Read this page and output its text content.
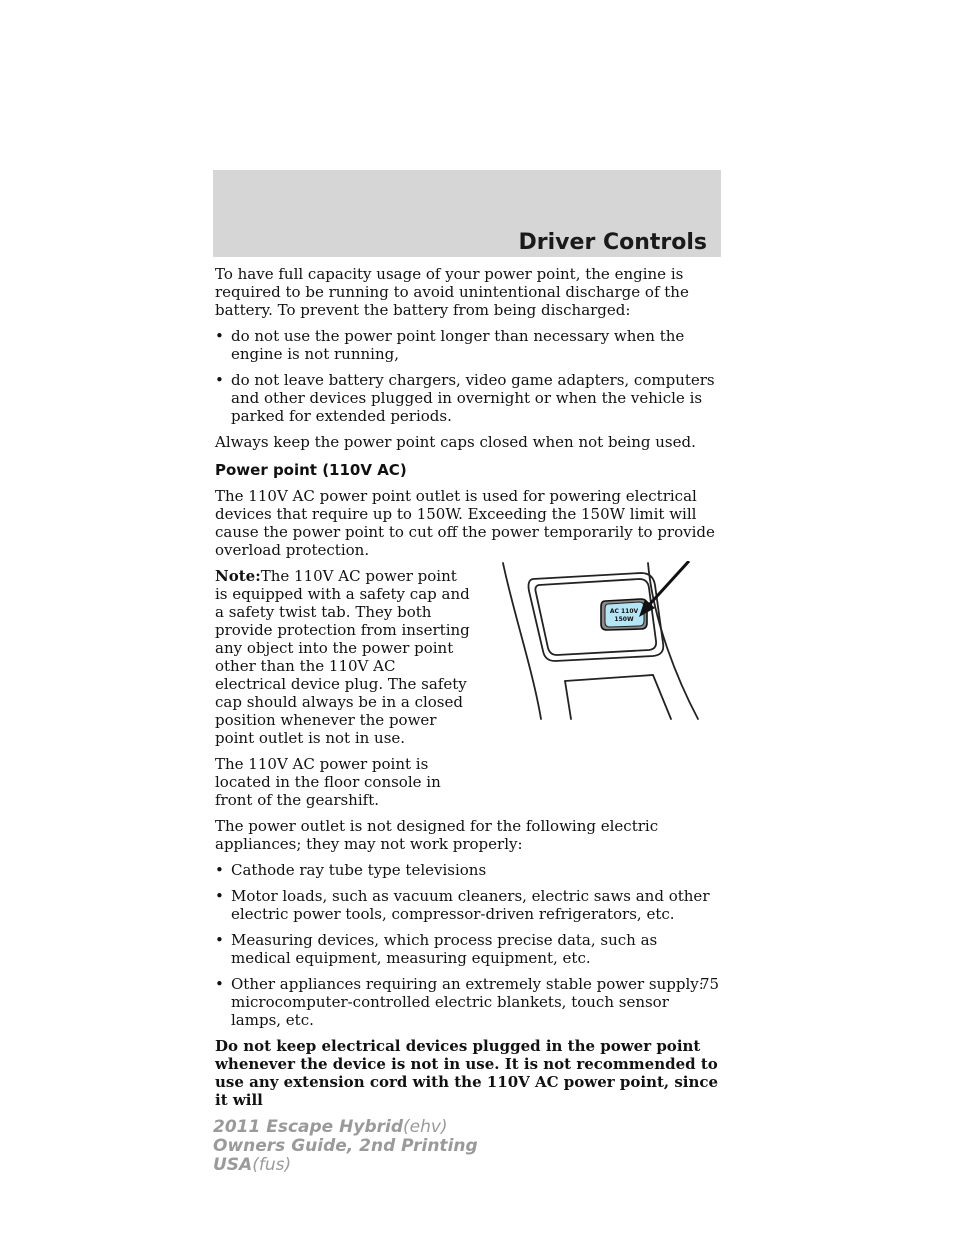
Driver Controls

To have full capacity usage of your power point, the engine is required to be running to avoid unintentional discharge of the battery. To prevent the battery from being discharged:

• do not use the power point longer than necessary when the engine is not running,
• do not leave battery chargers, video game adapters, computers and other devices plugged in overnight or when the vehicle is parked for extended periods.

Always keep the power point caps closed when not being used.

Power point (110V AC)

The 110V AC power point outlet is used for powering electrical devices that require up to 150W. Exceeding the 150W limit will cause the power point to cut off the power temporarily to provide overload protection.

Note:The 110V AC power point is equipped with a safety cap and a safety twist tab. They both provide protection from inserting any object into the power point other than the 110V AC electrical device plug. The safety cap should always be in a closed position whenever the power point outlet is not in use.

The 110V AC power point is located in the floor console in front of the gearshift.

AC 110V
150W

The power outlet is not designed for the following electric appliances; they may not work properly:

• Cathode ray tube type televisions
• Motor loads, such as vacuum cleaners, electric saws and other electric power tools, compressor-driven refrigerators, etc.
• Measuring devices, which process precise data, such as medical equipment, measuring equipment, etc.
• Other appliances requiring an extremely stable power supply: microcomputer-controlled electric blankets, touch sensor lamps, etc.

Do not keep electrical devices plugged in the power point whenever the device is not in use. It is not recommended to use any extension cord with the 110V AC power point, since it will

75
2011 Escape Hybrid(ehv)
Owners Guide, 2nd Printing
USA(fus)
